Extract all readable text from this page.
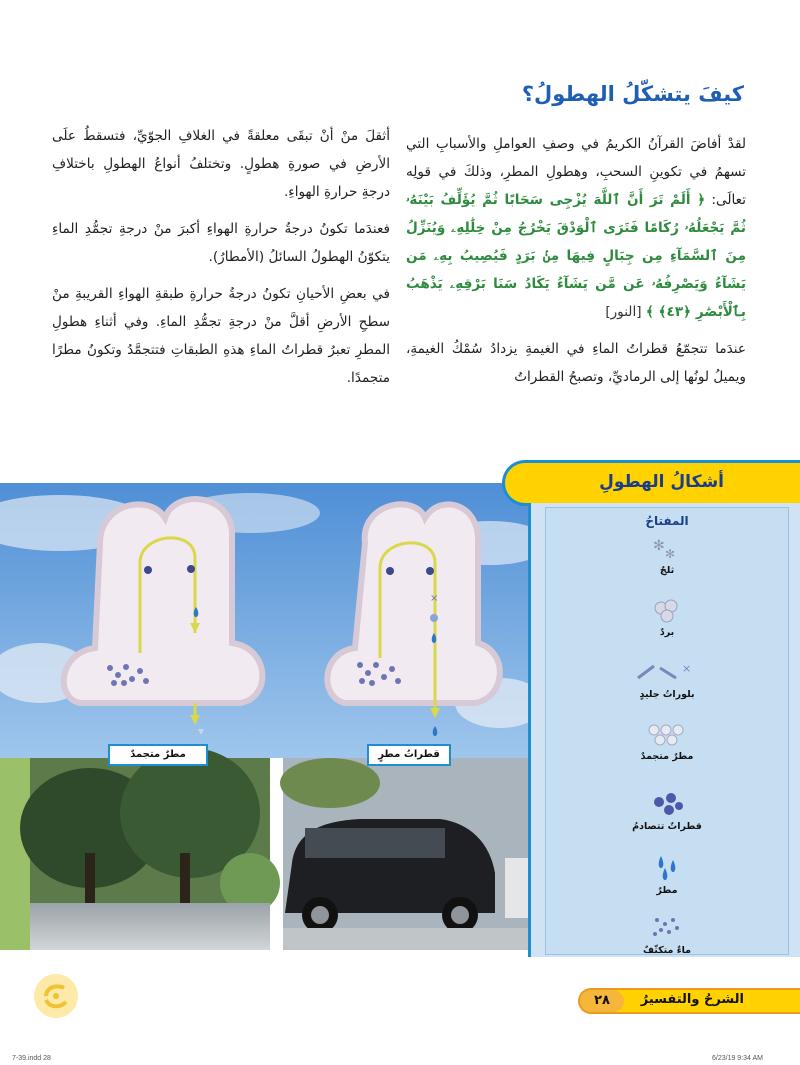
كيفَ يتشكّلُ الهطولُ؟

لقدْ أفاضَ القرآنُ الكريمُ في وصفِ العواملِ والأسبابِ التي تسهمُ في تكوينِ السحبِ، وهطولِ المطرِ، وذلكَ في قولِه تعالَى: ﴿ أَلَمْ تَرَ أَنَّ ٱللَّهَ يُزْجِى سَحَابًا ثُمَّ يُؤَلِّفُ بَيْنَهُۥ ثُمَّ يَجْعَلُهُۥ رُكَامًا فَتَرَى ٱلْوَدْقَ يَخْرُجُ مِنْ خِلَٰلِهِۦ وَيُنَزِّلُ مِنَ ٱلسَّمَآءِ مِن جِبَالٍ فِيهَا مِنۢ بَرَدٍ فَيُصِيبُ بِهِۦ مَن يَشَآءُ وَيَصْرِفُهُۥ عَن مَّن يَشَآءُ يَكَادُ سَنَا بَرْقِهِۦ يَذْهَبُ بِٱلْأَبْصَٰرِ ﴿٤٣﴾ ﴾ [النور]

عندَما تتجمّعُ قطراتُ الماءِ في الغيمةِ يزدادُ سُمْكُ الغيمةِ، ويميلُ لونُها إلى الرماديِّ، وتصبحُ القطراتُ

أثقلَ منْ أنْ تبقَى معلقةً في الغلافِ الجوّيِّ، فتسقطُ علَى الأرضِ في صورةِ هطولٍ. وتختلفُ أنواعُ الهطولِ باختلافِ درجةِ حرارةِ الهواءِ.

فعندَما تكونُ درجةُ حرارةِ الهواءِ أكبرَ منْ درجةِ تجمُّدِ الماءِ يتكوّنُ الهطولُ السائلُ (الأمطارُ).

في بعضِ الأحيانِ تكونُ درجةُ حرارةِ طبقةِ الهواءِ القريبةِ منْ سطحِ الأرضِ أقلَّ منْ درجةِ تجمُّدِ الماءِ. وفي أثناءِ هطولِ المطرِ تعبرُ قطراتُ الماءِ هذهِ الطبقاتِ فتتجمَّدُ وتكونُ مطرًا متجمدًا.

×
مطرٌ متجمدٌ	قطراتُ مطرٍ
أشكالُ الهطولِ
المفتاحُ
✻ ✻
ثلجٌ
بردٌ
×
بلوراتُ جليدٍ
مطرٌ متجمدٌ
قطراتٌ تتصادمُ
مطرٌ
ماءٌ متكثّفٌ
٢٨	الشرحُ والتفسيرُ
7-39.indd 28	6/23/19 9:34 AM
